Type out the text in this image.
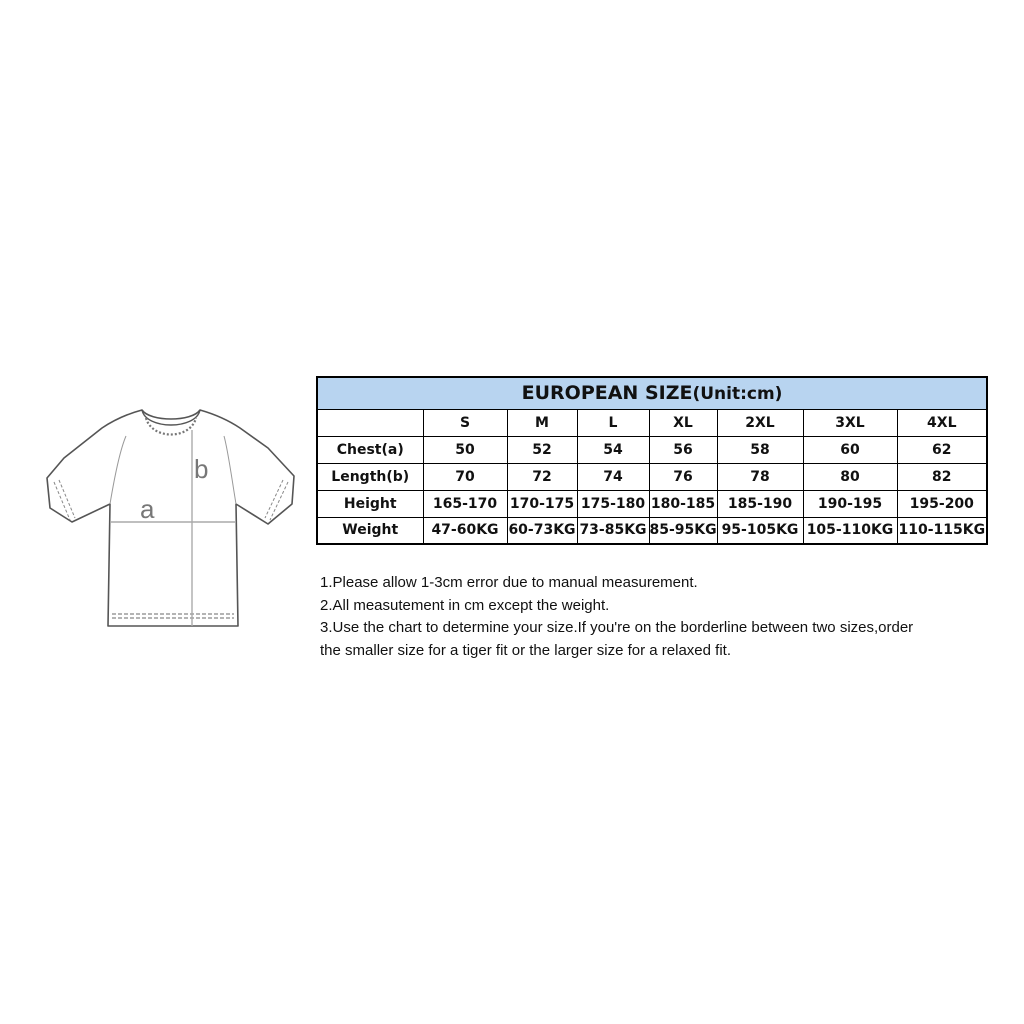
a
b
EUROPEAN SIZE(Unit:cm)							
	S	M	L	XL	2XL	3XL	4XL
Chest(a)	50	52	54	56	58	60	62
Length(b)	70	72	74	76	78	80	82
Height	165-170	170-175	175-180	180-185	185-190	190-195	195-200
Weight	47-60KG	60-73KG	73-85KG	85-95KG	95-105KG	105-110KG	110-115KG

1.Please allow 1-3cm error due to manual measurement.

2.All measutement in cm except the weight.

3.Use the chart to determine your size.If you're on the borderline between two sizes,order

the smaller size for a tiger fit or the larger size for a relaxed fit.
